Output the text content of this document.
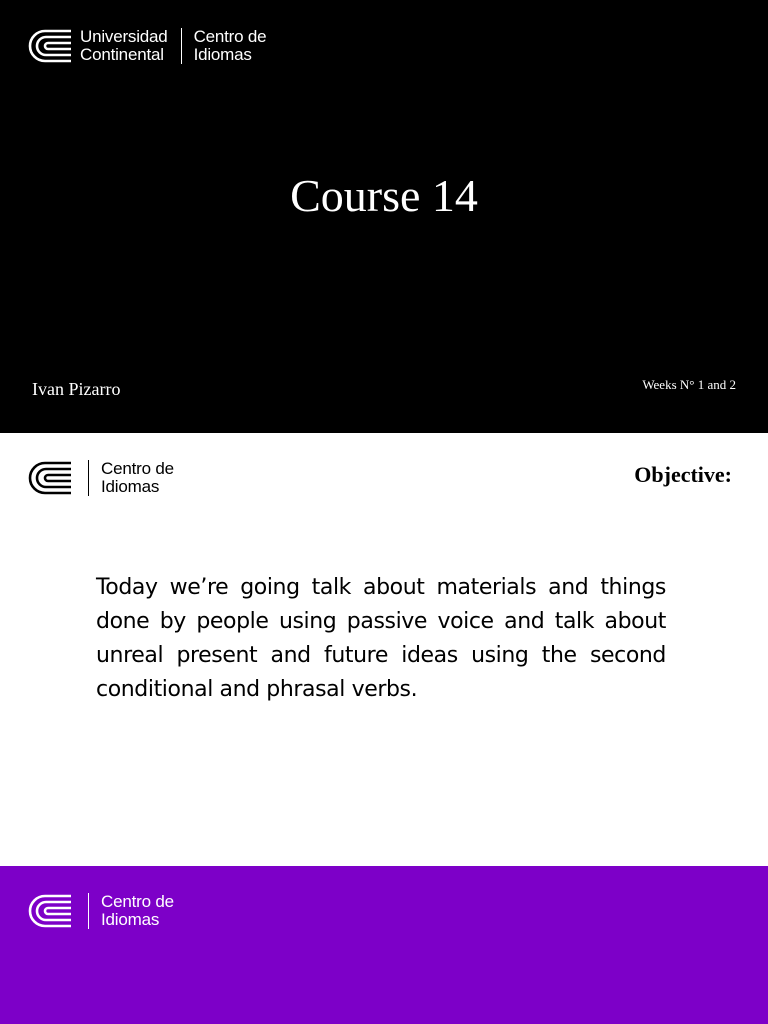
Universidad
Continental
Centro de
Idiomas
Course 14
Ivan Pizarro	Weeks N° 1 and 2
Centro de
Idiomas	Objective:

Today we’re going talk about materials and things done by people using passive voice and talk about unreal present and future ideas using the second conditional and phrasal verbs.

Centro de
Idiomas
